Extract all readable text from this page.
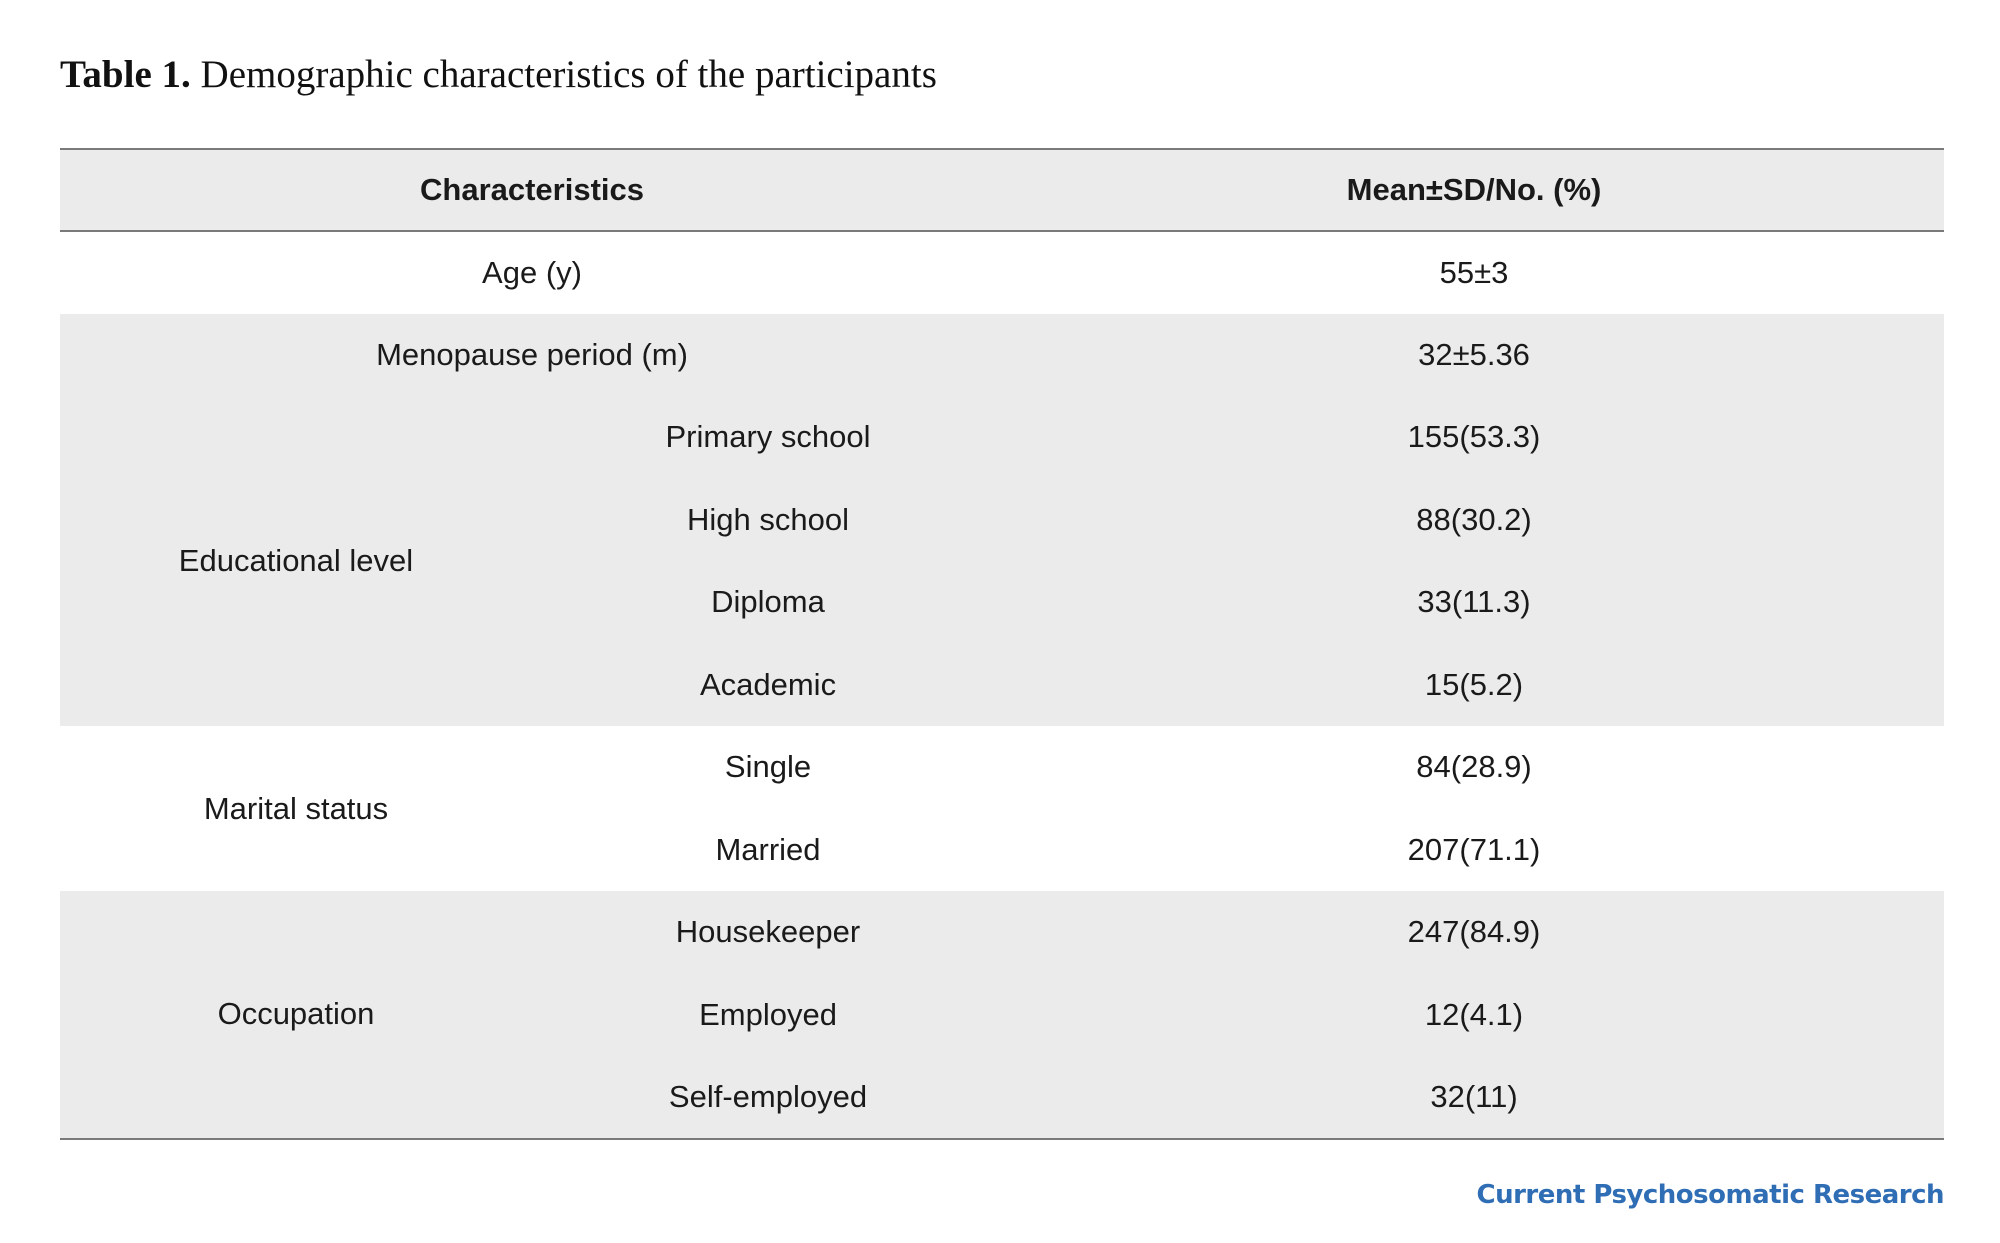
Table 1. Demographic characteristics of the participants
Characteristics		Mean±SD/No. (%)
Age (y)		55±3
Menopause period (m)		32±5.36
Educational level	Primary school	155(53.3)
	High school	88(30.2)
	Diploma	33(11.3)
	Academic	15(5.2)
Marital status	Single	84(28.9)
	Married	207(71.1)
Occupation	Housekeeper	247(84.9)
	Employed	12(4.1)
	Self-employed	32(11)
Current Psychosomatic Research
